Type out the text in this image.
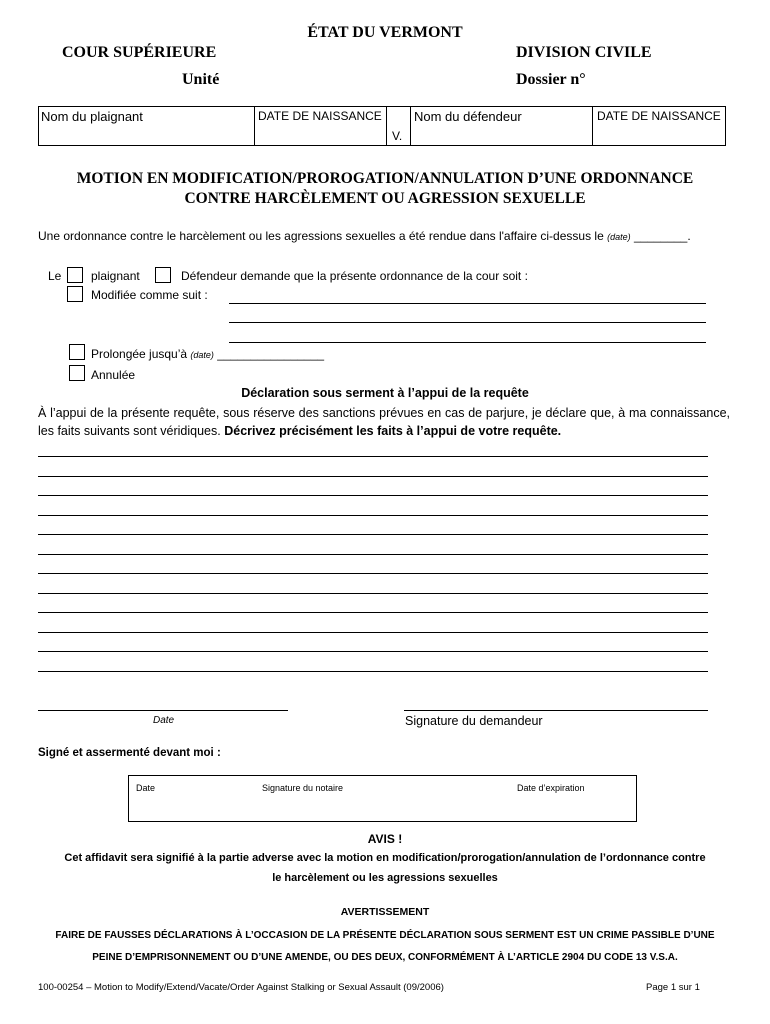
ÉTAT DU VERMONT
COUR SUPÉRIEURE	DIVISION CIVILE
Unité	Dossier n°
Nom du plaignant	DATE DE NAISSANCE
V.
Nom du défendeur	DATE DE NAISSANCE
MOTION EN MODIFICATION/PROROGATION/ANNULATION D’UNE ORDONNANCE
CONTRE HARCÈLEMENT OU AGRESSION SEXUELLE
Une ordonnance contre le harcèlement ou les agressions sexuelles a été rendue dans l'affaire ci-dessus le (date) ________.
Le plaignant	Défendeur demande que la présente ordonnance de la cour soit :
Modifiée comme suit :
Prolongée jusqu’à (date) ________________
Annulée
Déclaration sous serment à l’appui de la requête
À l’appui de la présente requête, sous réserve des sanctions prévues en cas de parjure, je déclare que, à ma connaissance, les faits suivants sont véridiques. Décrivez précisément les faits à l’appui de votre requête.
Date	Signature du demandeur
Signé et assermenté devant moi :
Date	Signature du notaire	Date d’expiration
AVIS !
Cet affidavit sera signifié à la partie adverse avec la motion en modification/prorogation/annulation de l’ordonnance contre
le harcèlement ou les agressions sexuelles
AVERTISSEMENT
FAIRE DE FAUSSES DÉCLARATIONS À L’OCCASION DE LA PRÉSENTE DÉCLARATION SOUS SERMENT EST UN CRIME PASSIBLE D’UNE
PEINE D’EMPRISONNEMENT OU D’UNE AMENDE, OU DES DEUX, CONFORMÉMENT À L’ARTICLE 2904 DU CODE 13 V.S.A.
100-00254 – Motion to Modify/Extend/Vacate/Order Against Stalking or Sexual Assault (09/2006)	Page 1 sur 1
